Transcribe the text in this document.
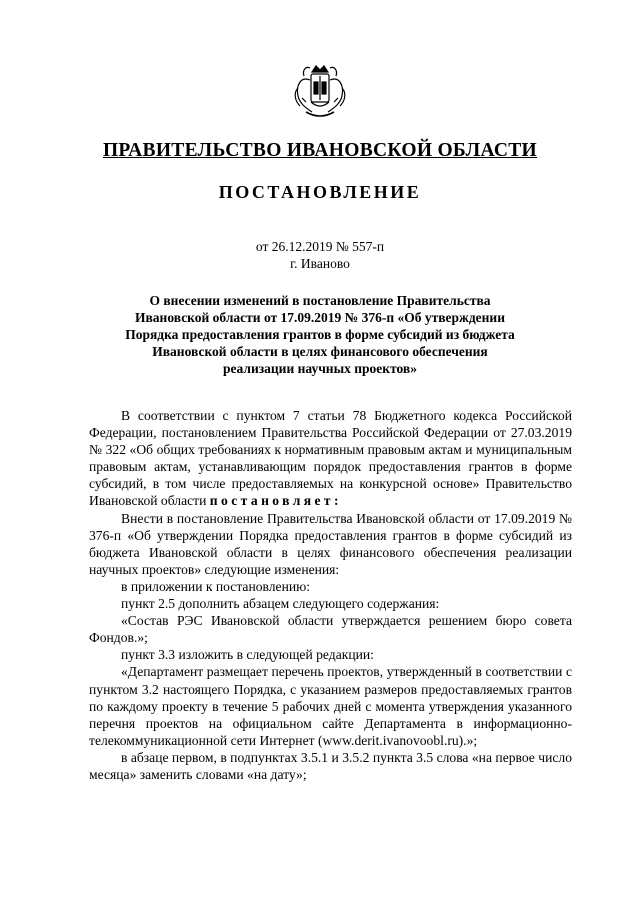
ПРАВИТЕЛЬСТВО ИВАНОВСКОЙ ОБЛАСТИ
ПОСТАНОВЛЕНИЕ
от 26.12.2019 № 557-п
г. Иваново
О внесении изменений в постановление Правительства
Ивановской области от 17.09.2019 № 376-п «Об утверждении
Порядка предоставления грантов в форме субсидий из бюджета
Ивановской области в целях финансового обеспечения
реализации научных проектов»

В соответствии с пунктом 7 статьи 78 Бюджетного кодекса Российской Федерации, постановлением Правительства Российской Федерации от 27.03.2019 № 322 «Об общих требованиях к нормативным правовым актам и муниципальным правовым актам, устанавливающим порядок предоставления грантов в форме субсидий, в том числе предоставляемых на конкурсной основе» Правительство Ивановской области постановляет:

Внести в постановление Правительства Ивановской области от 17.09.2019 № 376-п «Об утверждении Порядка предоставления грантов в форме субсидий из бюджета Ивановской области в целях финансового обеспечения реализации научных проектов» следующие изменения:

в приложении к постановлению:

пункт 2.5 дополнить абзацем следующего содержания:

«Состав РЭС Ивановской области утверждается решением бюро совета Фондов.»;

пункт 3.3 изложить в следующей редакции:

«Департамент размещает перечень проектов, утвержденный в соответствии с пунктом 3.2 настоящего Порядка, с указанием размеров предоставляемых грантов по каждому проекту в течение 5 рабочих дней с момента утверждения указанного перечня проектов на официальном сайте Департамента в информационно-телекоммуникационной сети Интернет (www.derit.ivanovoobl.ru).»;

в абзаце первом, в подпунктах 3.5.1 и 3.5.2 пункта 3.5 слова «на первое число месяца» заменить словами «на дату»;
